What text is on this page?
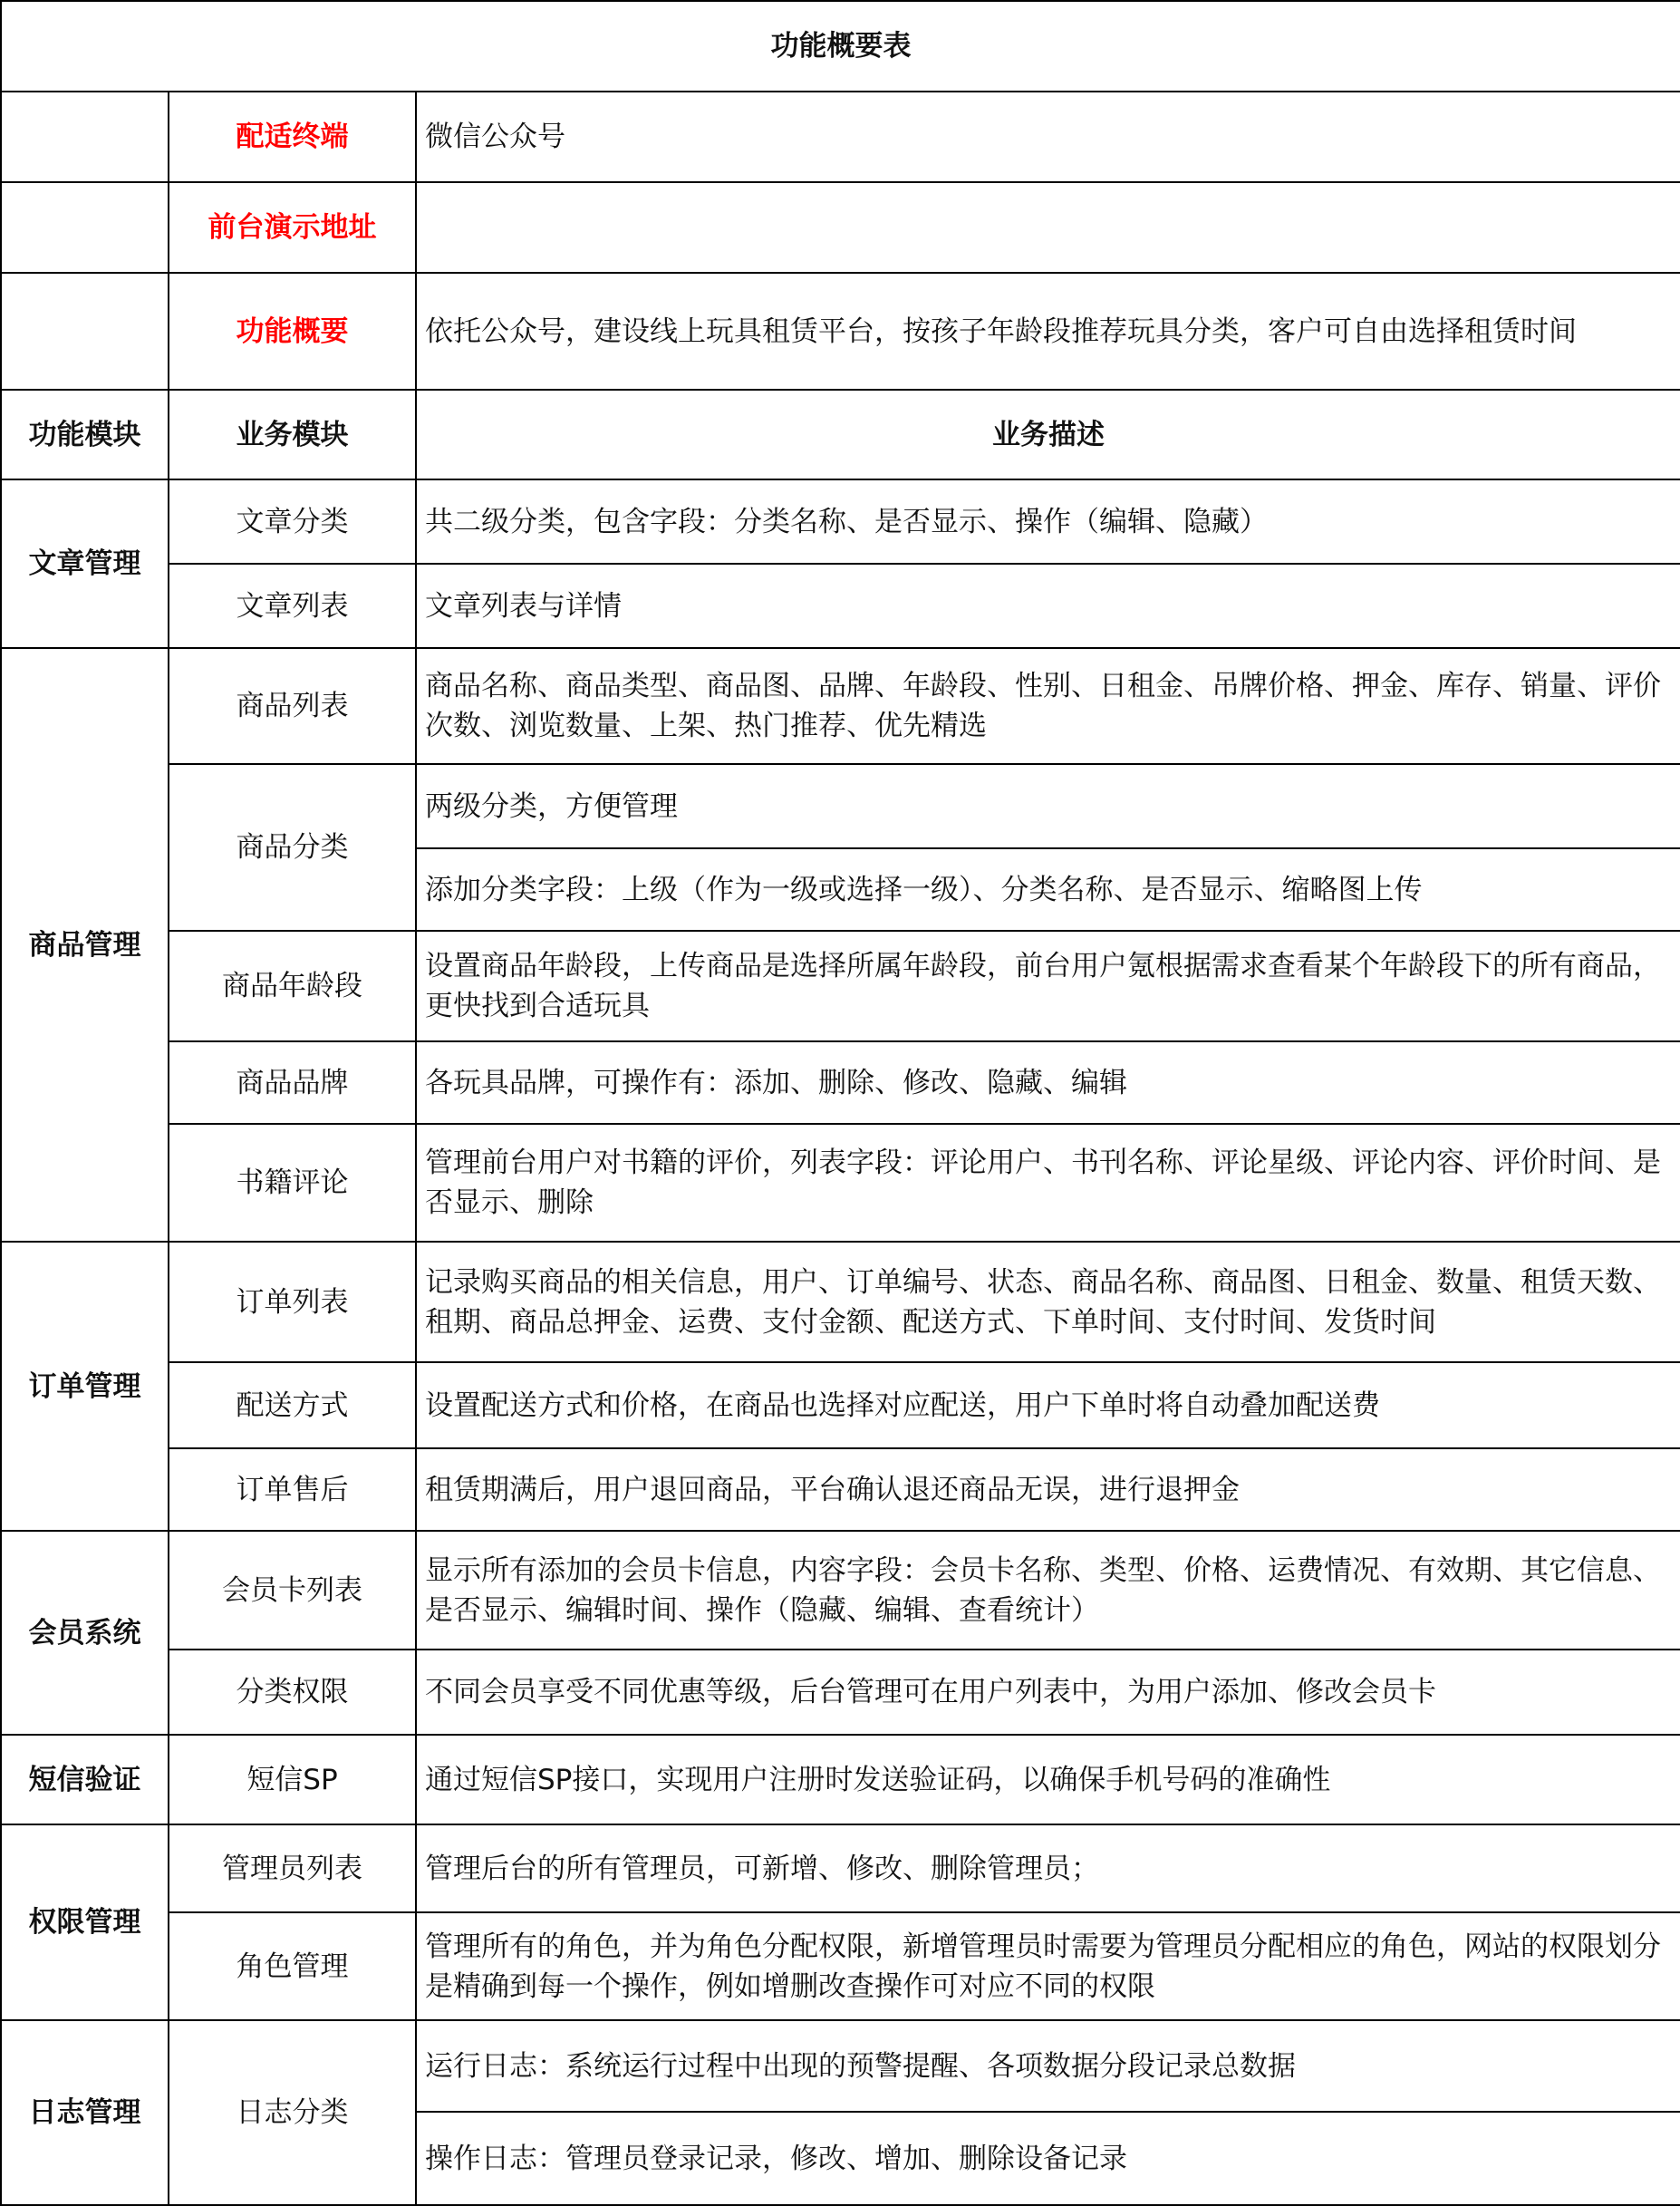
功能概要表		
	配适终端	微信公众号
	前台演示地址	
	功能概要	依托公众号，建设线上玩具租赁平台，按孩子年龄段推荐玩具分类，客户可自由选择租赁时间
功能模块	业务模块	业务描述
文章管理	文章分类	共二级分类，包含字段：分类名称、是否显示、操作（编辑、隐藏）
	文章列表	文章列表与详情
商品管理	商品列表	商品名称、商品类型、商品图、品牌、年龄段、性别、日租金、吊牌价格、押金、库存、销量、评价次数、浏览数量、上架、热门推荐、优先精选
	商品分类	两级分类，方便管理
		添加分类字段：上级（作为一级或选择一级）、分类名称、是否显示、缩略图上传
	商品年龄段	设置商品年龄段，上传商品是选择所属年龄段，前台用户氪根据需求查看某个年龄段下的所有商品，更快找到合适玩具
	商品品牌	各玩具品牌，可操作有：添加、删除、修改、隐藏、编辑
	书籍评论	管理前台用户对书籍的评价，列表字段：评论用户、书刊名称、评论星级、评论内容、评价时间、是否显示、删除
订单管理	订单列表	记录购买商品的相关信息，用户、订单编号、状态、商品名称、商品图、日租金、数量、租赁天数、租期、商品总押金、运费、支付金额、配送方式、下单时间、支付时间、发货时间
	配送方式	设置配送方式和价格，在商品也选择对应配送，用户下单时将自动叠加配送费
	订单售后	租赁期满后，用户退回商品，平台确认退还商品无误，进行退押金
会员系统	会员卡列表	显示所有添加的会员卡信息，内容字段：会员卡名称、类型、价格、运费情况、有效期、其它信息、是否显示、编辑时间、操作（隐藏、编辑、查看统计）
	分类权限	不同会员享受不同优惠等级，后台管理可在用户列表中，为用户添加、修改会员卡
短信验证	短信SP	通过短信SP接口，实现用户注册时发送验证码，以确保手机号码的准确性
权限管理	管理员列表	管理后台的所有管理员，可新增、修改、删除管理员；
	角色管理	管理所有的角色，并为角色分配权限，新增管理员时需要为管理员分配相应的角色，网站的权限划分是精确到每一个操作，例如增删改查操作可对应不同的权限
日志管理	日志分类	运行日志：系统运行过程中出现的预警提醒、各项数据分段记录总数据
		操作日志：管理员登录记录，修改、增加、删除设备记录
